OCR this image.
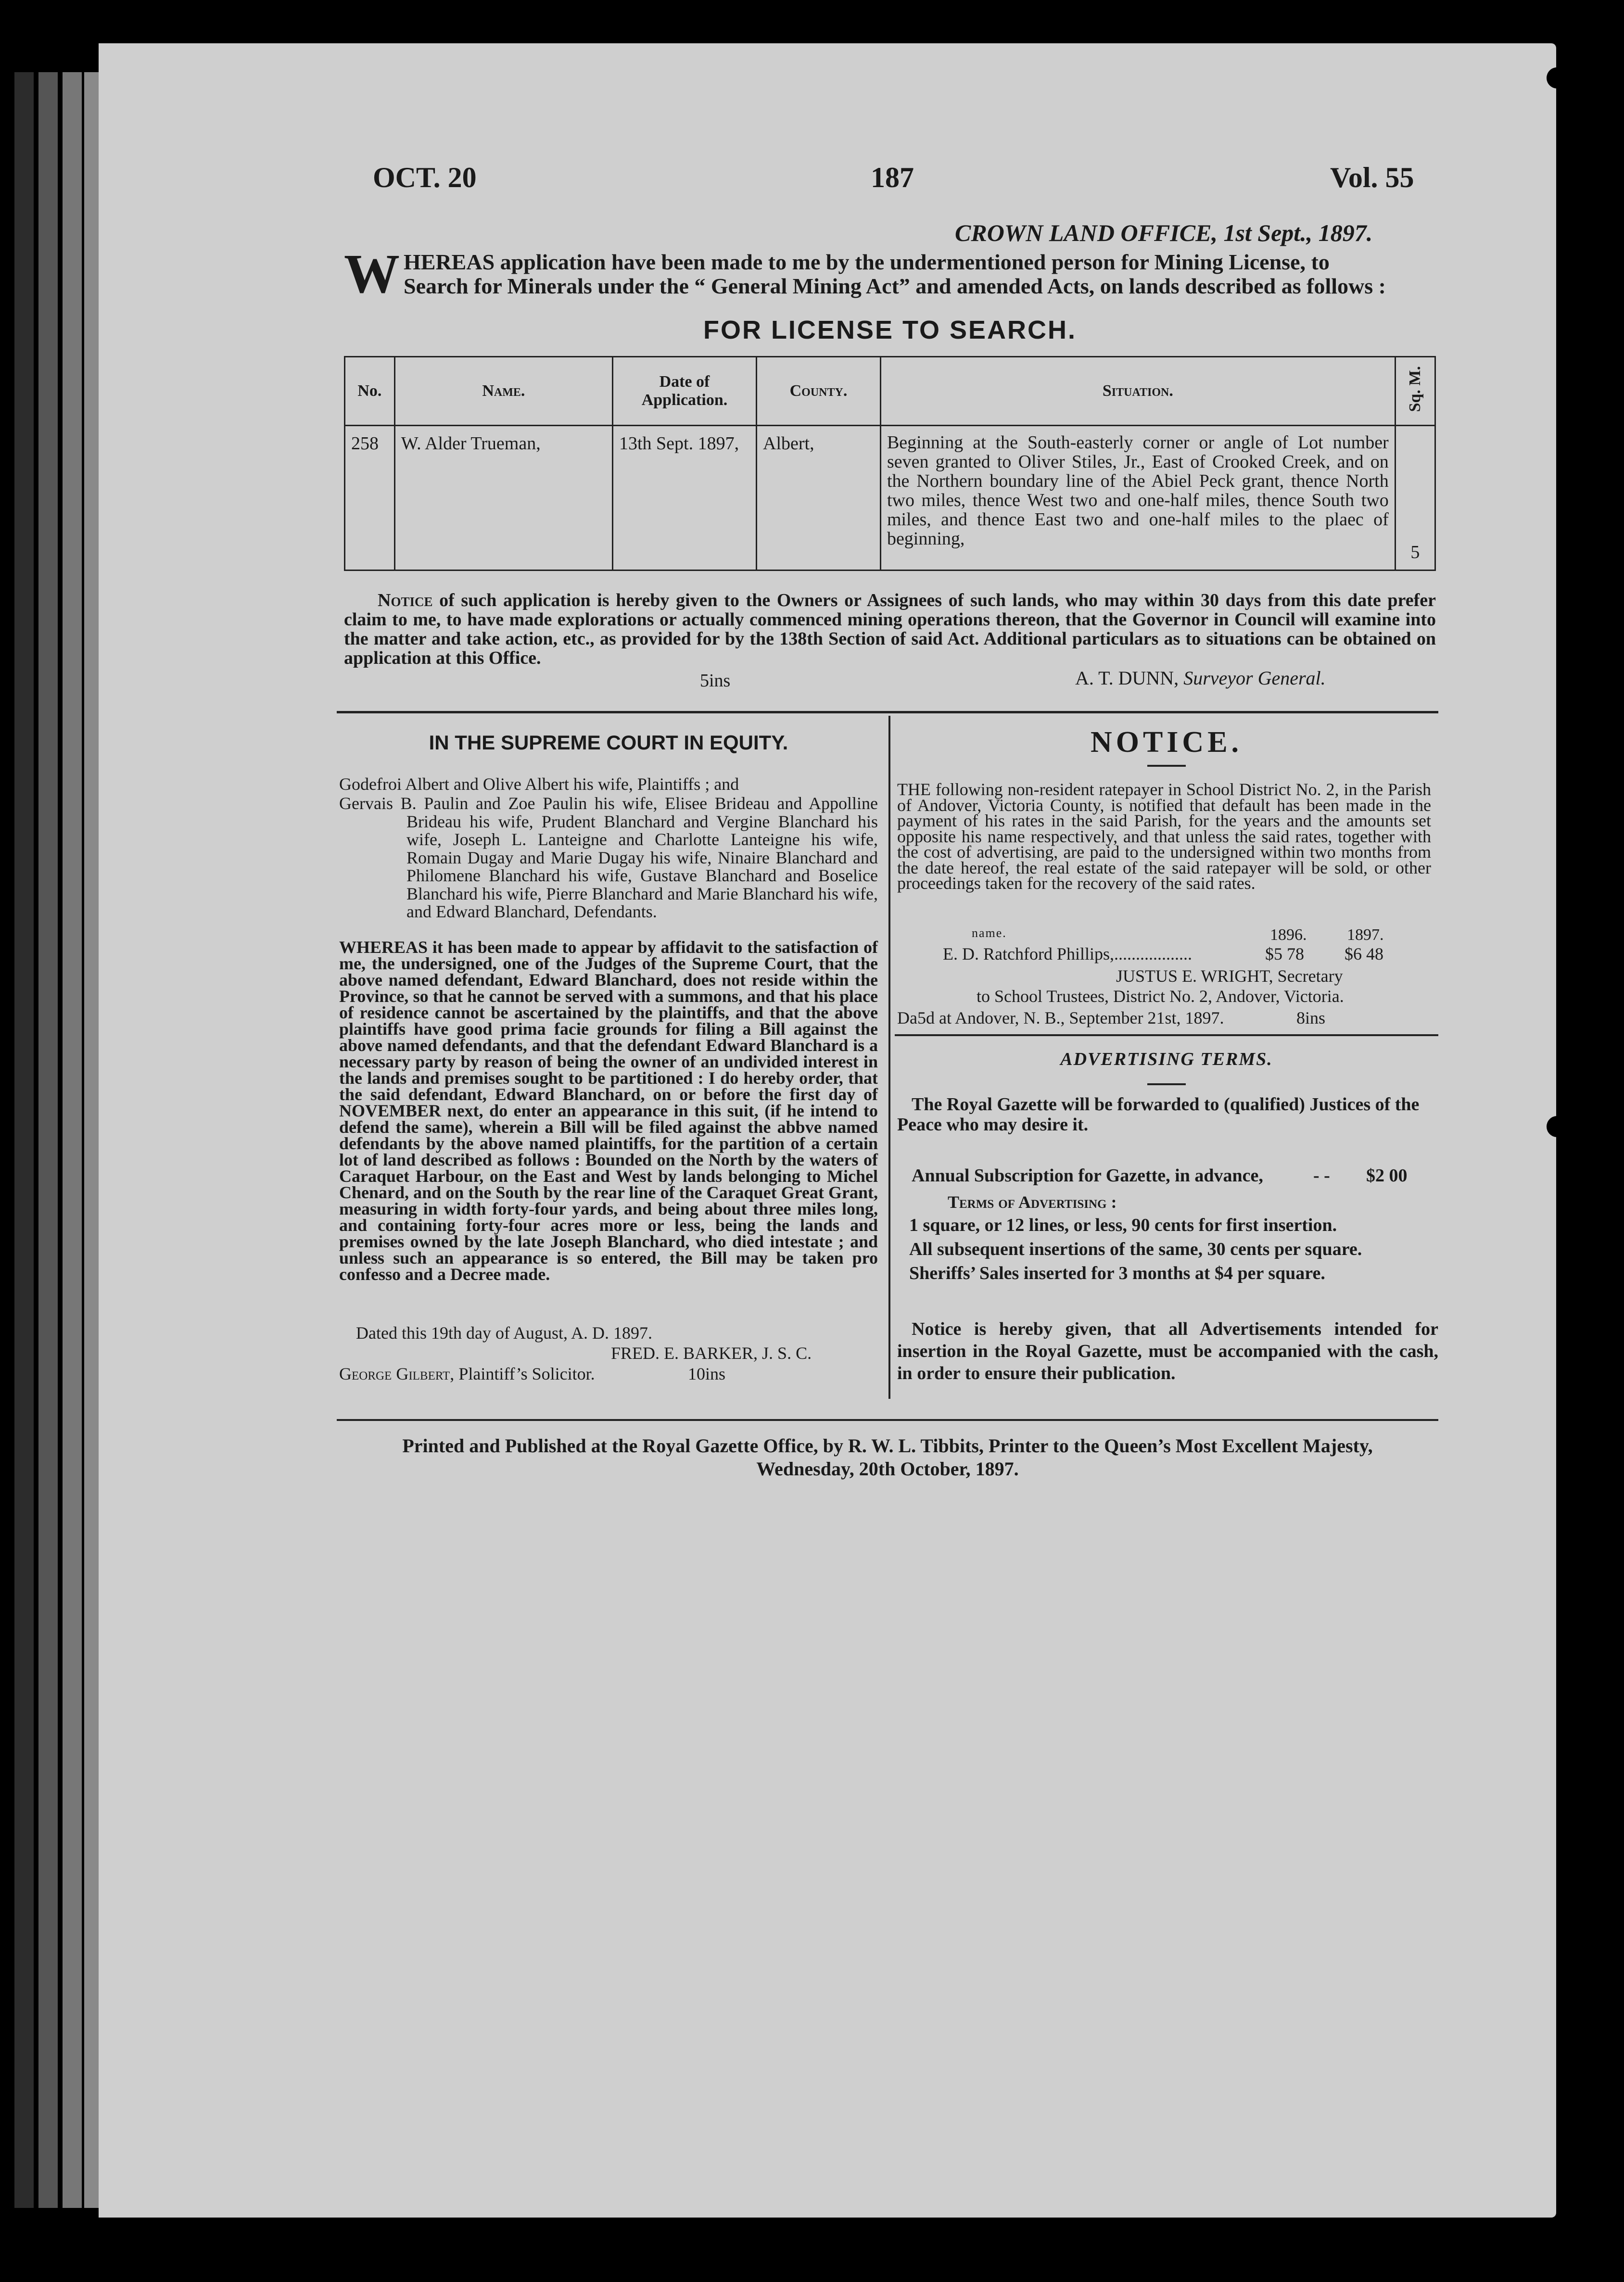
OCT. 20	187	Vol. 55
CROWN LAND OFFICE, 1st Sept., 1897.
W HEREAS application have been made to me by the undermentioned person for Mining License, to
Search for Minerals under the “ General Mining Act” and amended Acts, on lands described as follows :
FOR LICENSE TO SEARCH.
No.	Name.	Date of Application.	County.	Situation.	Sq. M.
258	W. Alder Trueman,	13th Sept. 1897,	Albert,	Beginning at the South-easterly corner or angle of Lot number seven granted to Oliver Stiles, Jr., East of Crooked Creek, and on the Northern boundary line of the Abiel Peck grant, thence North two miles, thence West two and one-half miles, thence South two miles, and thence East two and one-half miles to the plaec of beginning,	5
Notice of such application is hereby given to the Owners or Assignees of such lands, who may within 30 days from this date prefer claim to me, to have made explorations or actually commenced mining operations thereon, that the Governor in Council will examine into the matter and take action, etc., as provided for by the 138th Section of said Act. Additional particulars as to situations can be obtained on application at this Office.
5ins	A. T. DUNN, Surveyor General.
IN THE SUPREME COURT IN EQUITY.
Godefroi Albert and Olive Albert his wife, Plaintiffs ; and
Gervais B. Paulin and Zoe Paulin his wife, Elisee Brideau and Appolline Brideau his wife, Prudent Blanchard and Vergine Blanchard his wife, Joseph L. Lanteigne and Charlotte Lanteigne his wife, Romain Dugay and Marie Dugay his wife, Ninaire Blanchard and Philomene Blanchard his wife, Gustave Blanchard and Boselice Blanchard his wife, Pierre Blanchard and Marie Blanchard his wife, and Edward Blanchard, Defendants.
WHEREAS it has been made to appear by affidavit to the satisfaction of me, the undersigned, one of the Judges of the Supreme Court, that the above named defendant, Edward Blanchard, does not reside within the Province, so that he cannot be served with a summons, and that his place of residence cannot be ascertained by the plaintiffs, and that the above plaintiffs have good prima facie grounds for filing a Bill against the above named defendants, and that the defendant Edward Blanchard is a necessary party by reason of being the owner of an undivided interest in the lands and premises sought to be partitioned : I do hereby order, that the said defendant, Edward Blanchard, on or before the first day of NOVEMBER next, do enter an appearance in this suit, (if he intend to defend the same), wherein a Bill will be filed against the abbve named defendants by the above named plaintiffs, for the partition of a certain lot of land described as follows : Bounded on the North by the waters of Caraquet Harbour, on the East and West by lands belonging to Michel Chenard, and on the South by the rear line of the Caraquet Great Grant, measuring in width forty-four yards, and being about three miles long, and containing forty-four acres more or less, being the lands and premises owned by the late Joseph Blanchard, who died intestate ; and unless such an appearance is so entered, the Bill may be taken pro confesso and a Decree made.
Dated this 19th day of August, A. D. 1897.
FRED. E. BARKER, J. S. C.
George Gilbert, Plaintiff’s Solicitor.	10ins
NOTICE.
THE following non-resident ratepayer in School District No. 2, in the Parish of Andover, Victoria County, is notified that default has been made in the payment of his rates in the said Parish, for the years and the amounts set opposite his name respectively, and that unless the said rates, together with the cost of advertising, are paid to the undersigned within two months from the date hereof, the real estate of the said ratepayer will be sold, or other proceedings taken for the recovery of the said rates.
name.	1896. 1897.
E. D. Ratchford Phillips,..................	$5 78 $6 48
JUSTUS E. WRIGHT, Secretary
to School Trustees, District No. 2, Andover, Victoria.
Da5d at Andover, N. B., September 21st, 1897.	8ins
ADVERTISING TERMS.
The Royal Gazette will be forwarded to (qualified) Justices of the Peace who may desire it.
Annual Subscription for Gazette, in advance,	- - $2 00
Terms of Advertising :
1 square, or 12 lines, or less, 90 cents for first insertion.
All subsequent insertions of the same, 30 cents per square.
Sheriffs’ Sales inserted for 3 months at $4 per square.
Notice is hereby given, that all Advertisements intended for insertion in the Royal Gazette, must be accompanied with the cash, in order to ensure their publication.
Printed and Published at the Royal Gazette Office, by R. W. L. Tibbits, Printer to the Queen’s Most Excellent Majesty,
Wednesday, 20th October, 1897.
